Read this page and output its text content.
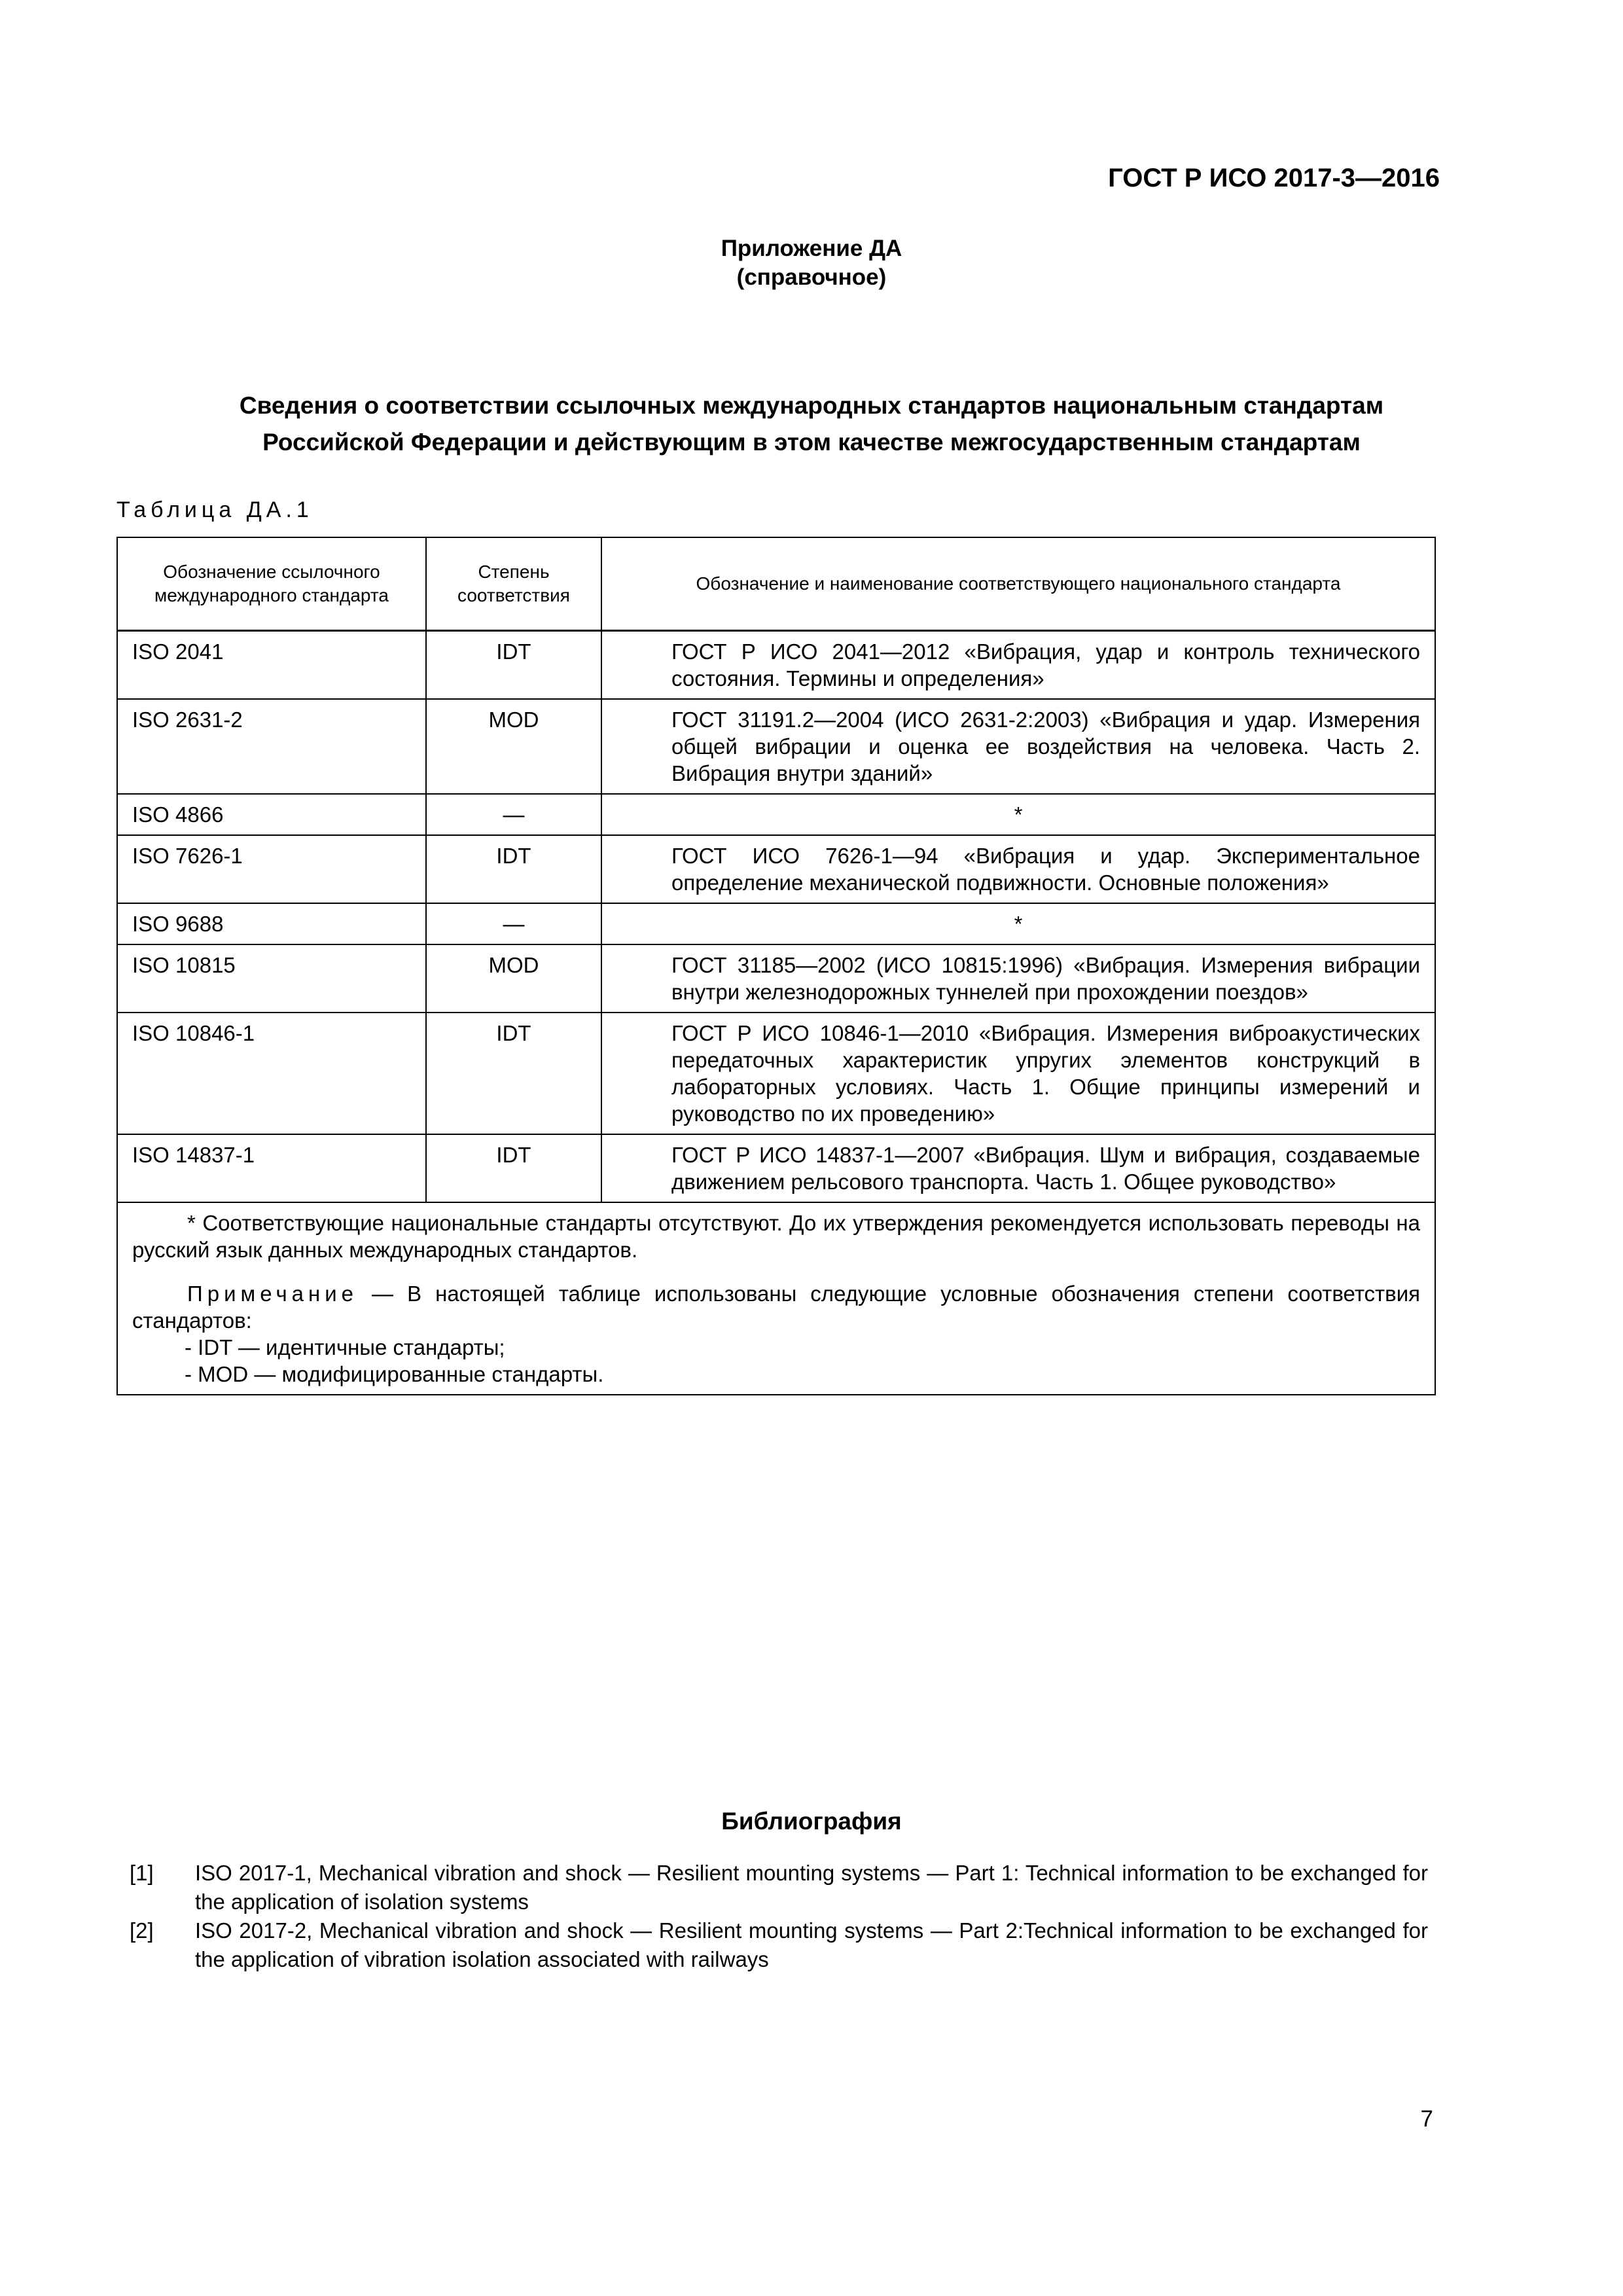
ГОСТ Р ИСО 2017-3—2016
Приложение ДА
(справочное)
Сведения о соответствии ссылочных международных стандартов национальным стандартам
Российской Федерации и действующим в этом качестве межгосударственным стандартам
Таблица ДА.1
Обозначение ссылочного международного стандарта	Степень соответствия	Обозначение и наименование соответствующего национального стандарта
ISO 2041	IDT	ГОСТ Р ИСО 2041—2012 «Вибрация, удар и контроль технического состояния. Термины и определения»

ISO 2631-2	MOD	ГОСТ 31191.2—2004 (ИСО 2631-2:2003) «Вибрация и удар. Измерения общей вибрации и оценка ее воздействия на человека. Часть 2. Вибрация внутри зданий»

ISO 4866	—	*
ISO 7626-1	IDT	ГОСТ ИСО 7626-1—94 «Вибрация и удар. Экспериментальное определение механической подвижности. Основные положения»

ISO 9688	—	*
ISO 10815	MOD	ГОСТ 31185—2002 (ИСО 10815:1996) «Вибрация. Измерения вибрации внутри железнодорожных туннелей при прохождении поездов»

ISO 10846-1	IDT	ГОСТ Р ИСО 10846-1—2010 «Вибрация. Измерения виброакустических передаточных характеристик упругих элементов конструкций в лабораторных условиях. Часть 1. Общие принципы измерений и руководство по их проведению»

ISO 14837-1	IDT	ГОСТ Р ИСО 14837-1—2007 «Вибрация. Шум и вибрация, создаваемые движением рельсового транспорта. Часть 1. Общее руководство»

* Соответствующие национальные стандарты отсутствуют. До их утверждения рекомендуется использовать переводы на русский язык данных международных стандартов.
Примечание — В настоящей таблице использованы следующие условные обозначения степени соответствия стандартов:
- IDT — идентичные стандарты;
- MOD — модифицированные стандарты.		
Библиография
[1] ISO 2017-1, Mechanical vibration and shock — Resilient mounting systems — Part 1: Technical information to be exchanged for the application of isolation systems
[2] ISO 2017-2, Mechanical vibration and shock — Resilient mounting systems — Part 2:Technical information to be exchanged for the application of vibration isolation associated with railways
7
